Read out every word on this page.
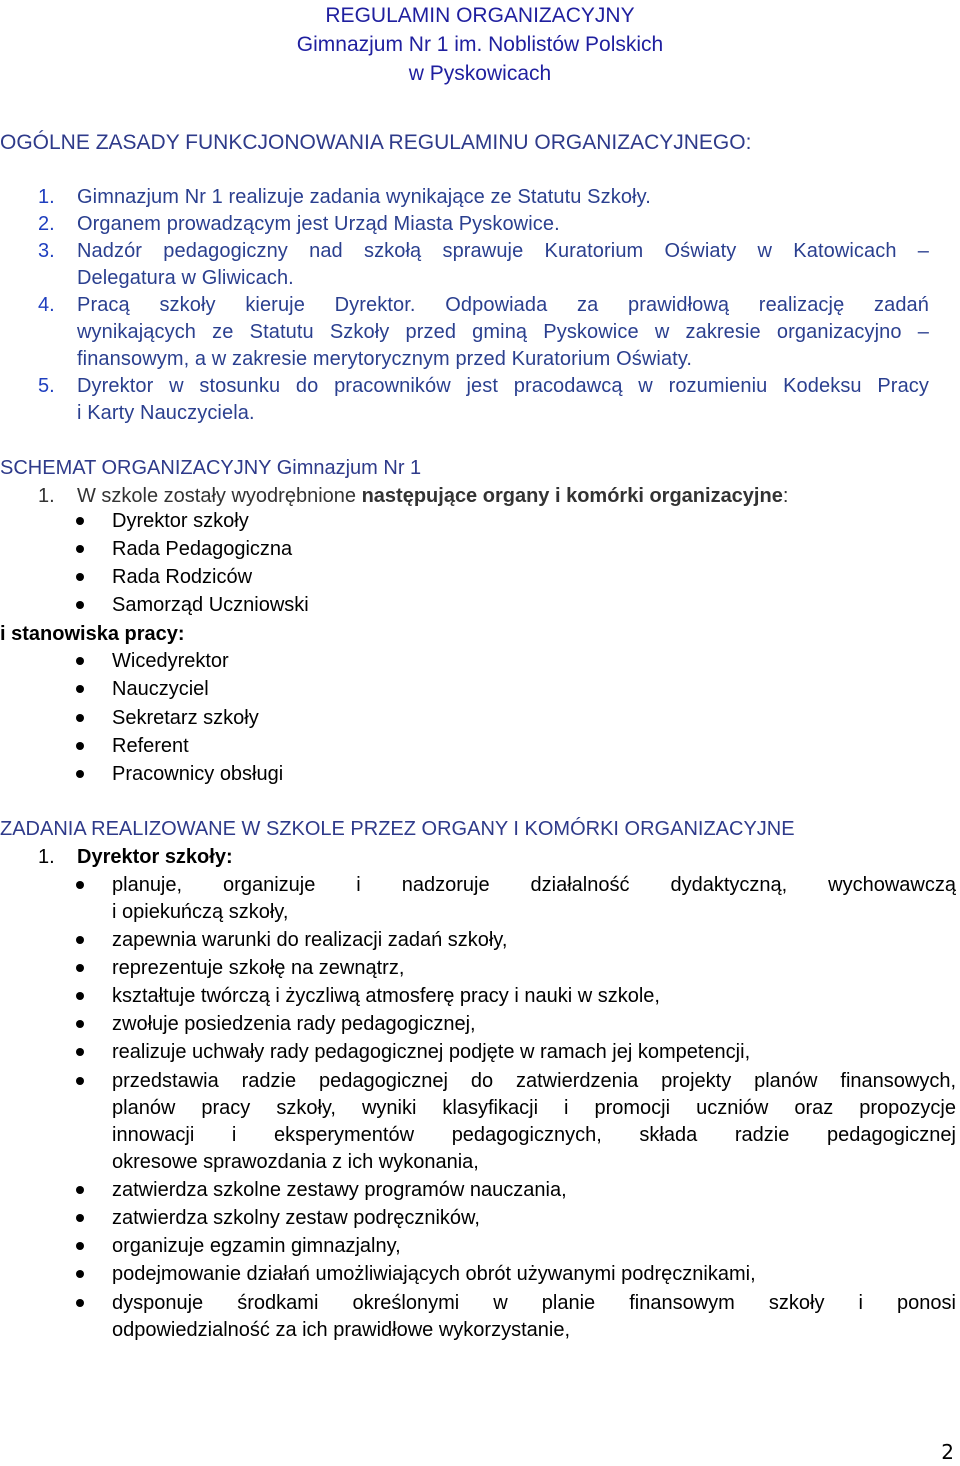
REGULAMIN ORGANIZACYJNY
Gimnazjum Nr 1 im. Noblistów Polskich
w Pyskowicach
OGÓLNE ZASADY FUNKCJONOWANIA REGULAMINU ORGANIZACYJNEGO:
1. Gimnazjum Nr 1 realizuje zadania wynikające ze Statutu Szkoły.
2. Organem prowadzącym jest Urząd Miasta Pyskowice.
3. Nadzór pedagogiczny nad szkołą sprawuje Kuratorium Oświaty w Katowicach –
Delegatura w Gliwicach.
4. Pracą szkoły kieruje Dyrektor. Odpowiada za prawidłową realizację zadań
wynikających ze Statutu Szkoły przed gminą Pyskowice w zakresie organizacyjno –
finansowym, a w zakresie merytorycznym przed Kuratorium Oświaty.
5. Dyrektor w stosunku do pracowników jest pracodawcą w rozumieniu Kodeksu Pracy
i Karty Nauczyciela.
SCHEMAT ORGANIZACYJNY Gimnazjum Nr 1
1. W szkole zostały wyodrębnione następujące organy i komórki organizacyjne:
Dyrektor szkoły
Rada Pedagogiczna
Rada Rodziców
Samorząd Uczniowski
i stanowiska pracy:
Wicedyrektor
Nauczyciel
Sekretarz szkoły
Referent
Pracownicy obsługi
ZADANIA REALIZOWANE W SZKOLE PRZEZ ORGANY I KOMÓRKI ORGANIZACYJNE
1. Dyrektor szkoły:
planuje, organizuje i nadzoruje działalność dydaktyczną, wychowawczą
i opiekuńczą szkoły,
zapewnia warunki do realizacji zadań szkoły,
reprezentuje szkołę na zewnątrz,
kształtuje twórczą i życzliwą atmosferę pracy i nauki w szkole,
zwołuje posiedzenia rady pedagogicznej,
realizuje uchwały rady pedagogicznej podjęte w ramach jej kompetencji,
przedstawia radzie pedagogicznej do zatwierdzenia projekty planów finansowych,
planów pracy szkoły, wyniki klasyfikacji i promocji uczniów oraz propozycje
innowacji i eksperymentów pedagogicznych, składa radzie pedagogicznej
okresowe sprawozdania z ich wykonania,
zatwierdza szkolne zestawy programów nauczania,
zatwierdza szkolny zestaw podręczników,
organizuje egzamin gimnazjalny,
podejmowanie działań umożliwiających obrót używanymi podręcznikami,
dysponuje środkami określonymi w planie finansowym szkoły i ponosi
odpowiedzialność za ich prawidłowe wykorzystanie,
2
